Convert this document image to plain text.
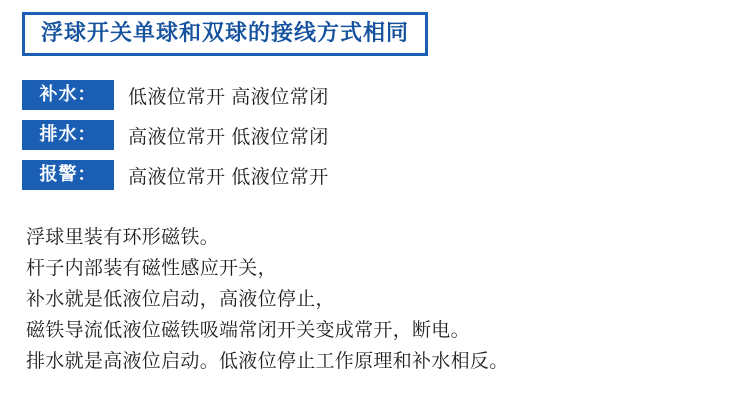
浮球开关单球和双球的接线方式相同
补水：	低液位常开 高液位常闭
排水：	高液位常开 低液位常闭
报警：	高液位常开 低液位常开
浮球里装有环形磁铁。
杆子内部装有磁性感应开关，
补水就是低液位启动，高液位停止，
磁铁导流低液位磁铁吸端常闭开关变成常开，断电。
排水就是高液位启动。低液位停止工作原理和补水相反。
